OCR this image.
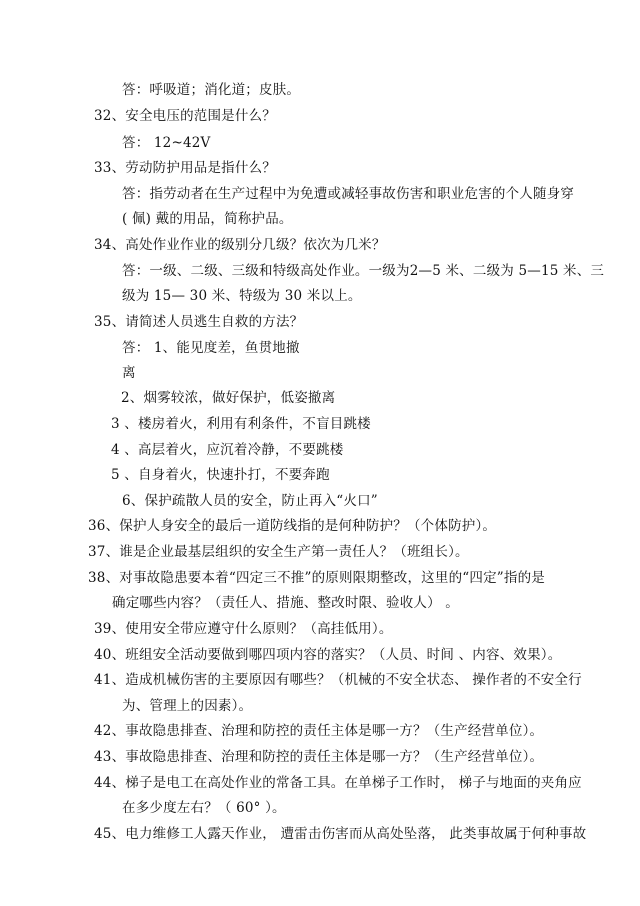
答：呼吸道；消化道；皮肤。
32、安全电压的范围是什么？
答： 12~42V
33、劳动防护用品是指什么？
答：指劳动者在生产过程中为免遭或减轻事故伤害和职业危害的个人随身穿
( 佩) 戴的用品，简称护品。
34、高处作业作业的级别分几级？依次为几米？
答：一级、二级、三级和特级高处作业。一级为2—5 米、二级为 5—15 米、三
级为 15— 30 米、特级为 30 米以上。
35、请简述人员逃生自救的方法？
答： 1、能见度差，鱼贯地撤
离
2、烟雾较浓，做好保护，低姿撤离
3 、楼房着火，利用有利条件，不盲目跳楼
4 、高层着火，应沉着冷静，不要跳楼
5 、自身着火，快速扑打，不要奔跑
6、保护疏散人员的安全，防止再入“火口”
36、保护人身安全的最后一道防线指的是何种防护？（个体防护）。
37、谁是企业最基层组织的安全生产第一责任人？（班组长）。
38、对事故隐患要本着“四定三不推”的原则限期整改，这里的“四定”指的是
确定哪些内容？（责任人、措施、整改时限、验收人） 。
39、使用安全带应遵守什么原则？（高挂低用）。
40、班组安全活动要做到哪四项内容的落实？（人员、时间 、内容、效果）。
41、造成机械伤害的主要原因有哪些？（机械的不安全状态、 操作者的不安全行
为、管理上的因素）。
42、事故隐患排查、治理和防控的责任主体是哪一方？（生产经营单位）。
43、事故隐患排查、治理和防控的责任主体是哪一方？（生产经营单位）。
44、梯子是电工在高处作业的常备工具。在单梯子工作时， 梯子与地面的夹角应
在多少度左右？（ 60° ）。
45、电力维修工人露天作业， 遭雷击伤害而从高处坠落， 此类事故属于何种事故
